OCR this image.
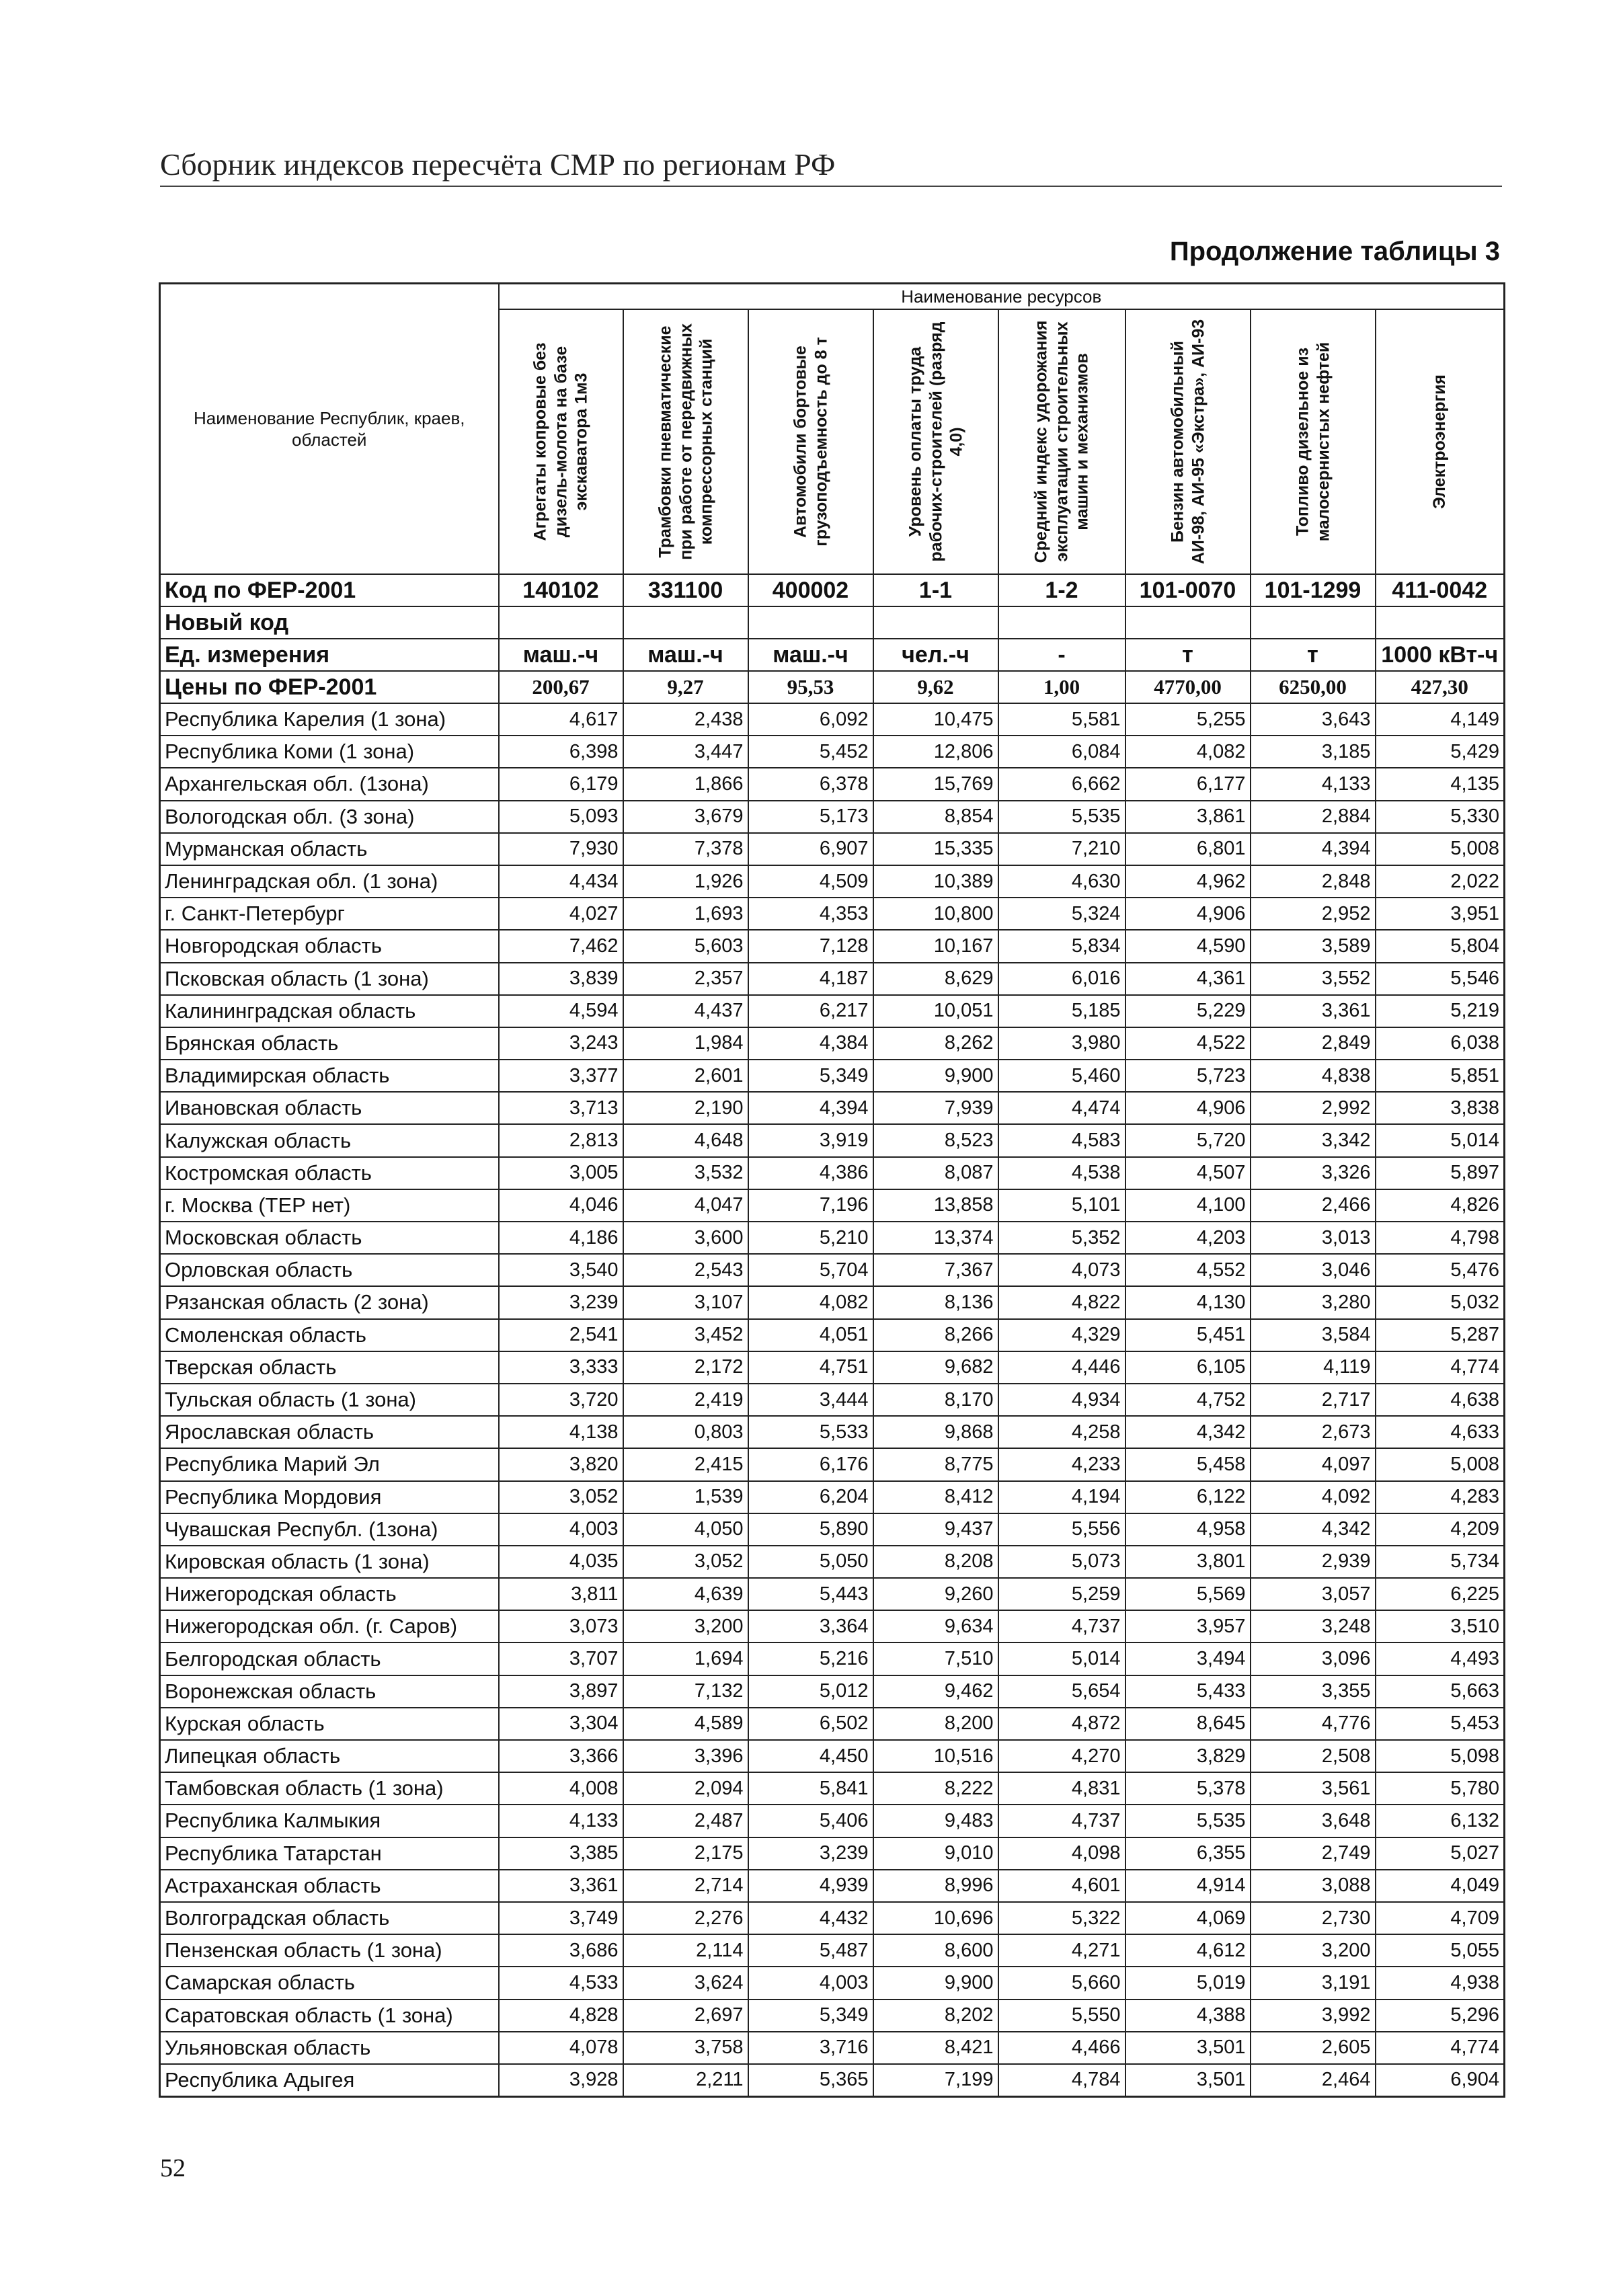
Сборник индексов пересчёта СМР по регионам РФ
Продолжение таблицы 3
Наименование Республик, краев, областей	Наименование ресурсов							

	Агрегаты копровые без дизель-молота на базе экскаватора 1м3	Трамбовки пневматические при работе от передвижных компрессорных станций	Автомобили бортовые грузоподъемность до 8 т	Уровень оплаты труда рабочих-строителей (разряд 4,0)	Средний индекс удорожания эксплуатации строительных машин и механизмов	Бензин автомобильный АИ-98, АИ-95 «Экстра», АИ-93	Топливо дизельное из малосернистых нефтей	Электроэнергия

Код по ФЕР-2001	140102	331100	400002	1-1	1-2	101-0070	101-1299	411-0042
Новый код								
Ед. измерения	маш.-ч	маш.-ч	маш.-ч	чел.-ч	-	т	т	1000 кВт-ч
Цены по ФЕР-2001	200,67	9,27	95,53	9,62	1,00	4770,00	6250,00	427,30
Республика Карелия (1 зона)	4,617	2,438	6,092	10,475	5,581	5,255	3,643	4,149
Республика Коми (1 зона)	6,398	3,447	5,452	12,806	6,084	4,082	3,185	5,429
Архангельская обл. (1зона)	6,179	1,866	6,378	15,769	6,662	6,177	4,133	4,135
Вологодская обл. (3 зона)	5,093	3,679	5,173	8,854	5,535	3,861	2,884	5,330
Мурманская область	7,930	7,378	6,907	15,335	7,210	6,801	4,394	5,008
Ленинградская обл. (1 зона)	4,434	1,926	4,509	10,389	4,630	4,962	2,848	2,022
г. Санкт-Петербург	4,027	1,693	4,353	10,800	5,324	4,906	2,952	3,951
Новгородская область	7,462	5,603	7,128	10,167	5,834	4,590	3,589	5,804
Псковская область (1 зона)	3,839	2,357	4,187	8,629	6,016	4,361	3,552	5,546
Калининградская область	4,594	4,437	6,217	10,051	5,185	5,229	3,361	5,219
Брянская область	3,243	1,984	4,384	8,262	3,980	4,522	2,849	6,038
Владимирская область	3,377	2,601	5,349	9,900	5,460	5,723	4,838	5,851
Ивановская область	3,713	2,190	4,394	7,939	4,474	4,906	2,992	3,838
Калужская область	2,813	4,648	3,919	8,523	4,583	5,720	3,342	5,014
Костромская область	3,005	3,532	4,386	8,087	4,538	4,507	3,326	5,897
г. Москва (ТЕР нет)	4,046	4,047	7,196	13,858	5,101	4,100	2,466	4,826
Московская область	4,186	3,600	5,210	13,374	5,352	4,203	3,013	4,798
Орловская область	3,540	2,543	5,704	7,367	4,073	4,552	3,046	5,476
Рязанская область (2 зона)	3,239	3,107	4,082	8,136	4,822	4,130	3,280	5,032
Смоленская область	2,541	3,452	4,051	8,266	4,329	5,451	3,584	5,287
Тверская область	3,333	2,172	4,751	9,682	4,446	6,105	4,119	4,774
Тульская область (1 зона)	3,720	2,419	3,444	8,170	4,934	4,752	2,717	4,638
Ярославская область	4,138	0,803	5,533	9,868	4,258	4,342	2,673	4,633
Республика Марий Эл	3,820	2,415	6,176	8,775	4,233	5,458	4,097	5,008
Республика Мордовия	3,052	1,539	6,204	8,412	4,194	6,122	4,092	4,283
Чувашская Республ. (1зона)	4,003	4,050	5,890	9,437	5,556	4,958	4,342	4,209
Кировская область (1 зона)	4,035	3,052	5,050	8,208	5,073	3,801	2,939	5,734
Нижегородская область	3,811	4,639	5,443	9,260	5,259	5,569	3,057	6,225
Нижегородская обл. (г. Саров)	3,073	3,200	3,364	9,634	4,737	3,957	3,248	3,510
Белгородская область	3,707	1,694	5,216	7,510	5,014	3,494	3,096	4,493
Воронежская область	3,897	7,132	5,012	9,462	5,654	5,433	3,355	5,663
Курская область	3,304	4,589	6,502	8,200	4,872	8,645	4,776	5,453
Липецкая область	3,366	3,396	4,450	10,516	4,270	3,829	2,508	5,098
Тамбовская область (1 зона)	4,008	2,094	5,841	8,222	4,831	5,378	3,561	5,780
Республика Калмыкия	4,133	2,487	5,406	9,483	4,737	5,535	3,648	6,132
Республика Татарстан	3,385	2,175	3,239	9,010	4,098	6,355	2,749	5,027
Астраханская область	3,361	2,714	4,939	8,996	4,601	4,914	3,088	4,049
Волгоградская область	3,749	2,276	4,432	10,696	5,322	4,069	2,730	4,709
Пензенская область (1 зона)	3,686	2,114	5,487	8,600	4,271	4,612	3,200	5,055
Самарская область	4,533	3,624	4,003	9,900	5,660	5,019	3,191	4,938
Саратовская область (1 зона)	4,828	2,697	5,349	8,202	5,550	4,388	3,992	5,296
Ульяновская область	4,078	3,758	3,716	8,421	4,466	3,501	2,605	4,774
Республика Адыгея	3,928	2,211	5,365	7,199	4,784	3,501	2,464	6,904
52
